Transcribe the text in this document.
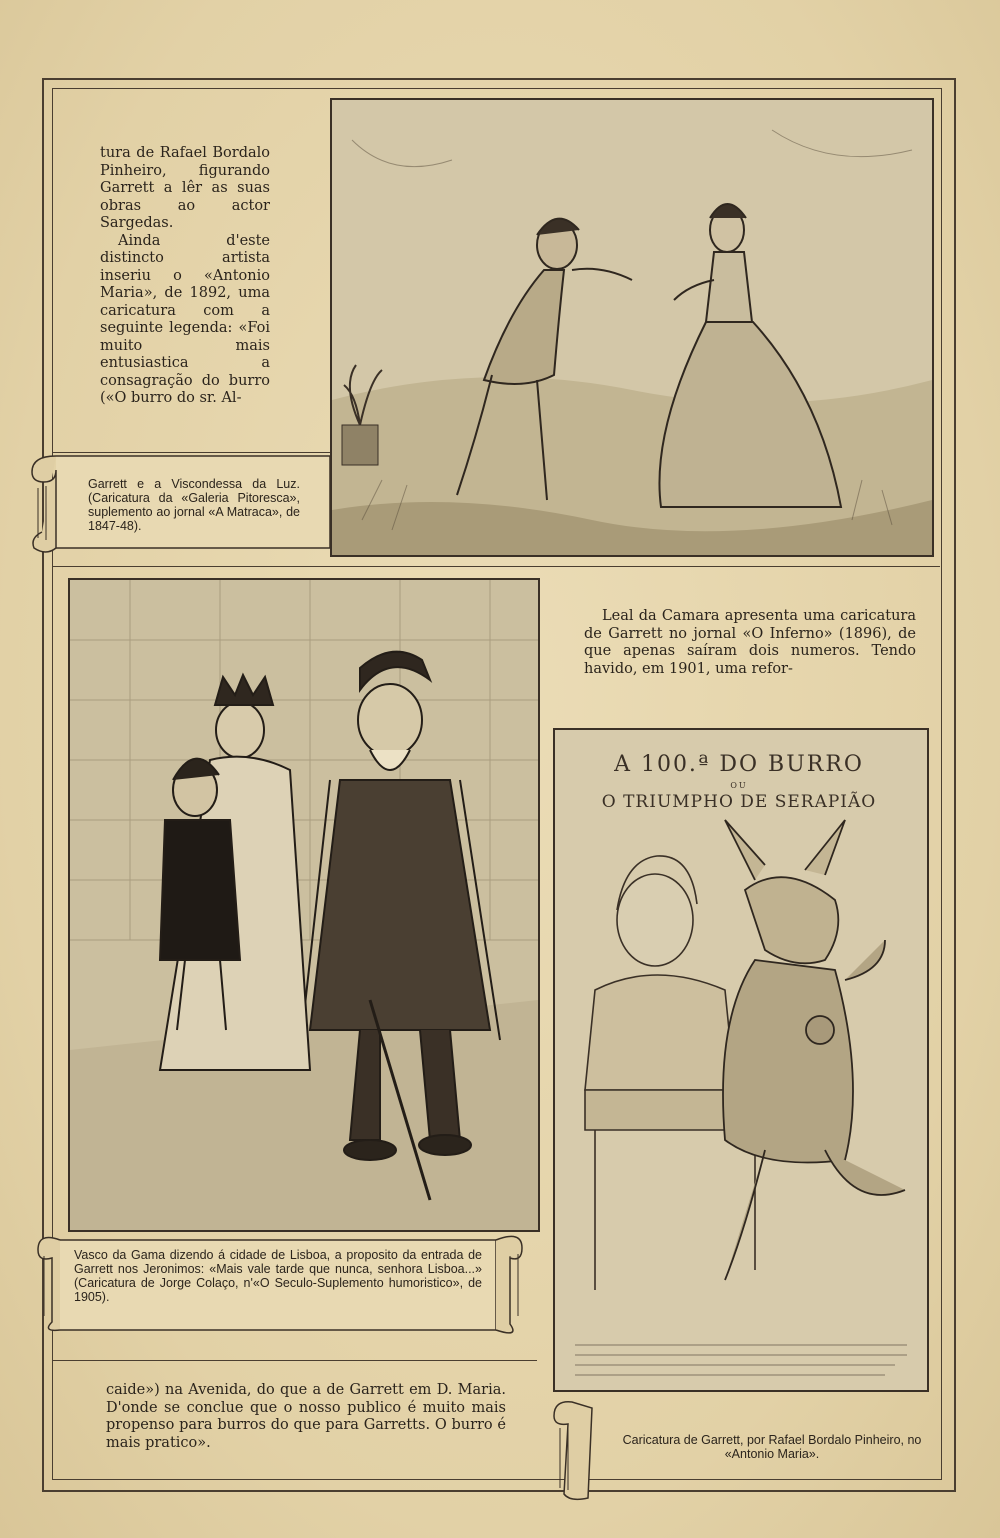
tura de Rafael Bordalo Pinheiro, figurando Garrett a lêr as suas obras ao actor Sargedas.

Ainda d'este distincto artista inseriu o «Antonio Maria», de 1892, uma caricatura com a seguinte legenda: «Foi muito mais entusiastica a consagração do burro («O burro do sr. Al-

Garrett e a Viscondessa da Luz. (Caricatura da «Galeria Pitoresca», suplemento ao jornal «A Matraca», de 1847-48).
Vasco da Gama dizendo á cidade de Lisboa, a proposito da entrada de Garrett nos Jeronimos: «Mais vale tarde que nunca, senhora Lisboa...» (Caricatura de Jorge Colaço, n'«O Seculo-Suplemento humoristico», de 1905).
Leal da Camara apresenta uma caricatura de Garrett no jornal «O Inferno» (1896), de que apenas saíram dois numeros. Tendo havido, em 1901, uma refor-
A 100.ª DO BURRO
OU
O TRIUMPHO DE SERAPIÃO
caide») na Avenida, do que a de Garrett em D. Maria. D'onde se conclue que o nosso publico é muito mais propenso para burros do que para Garretts. O burro é mais pratico».	Caricatura de Garrett, por Rafael Bordalo Pinheiro, no «Antonio Maria».
